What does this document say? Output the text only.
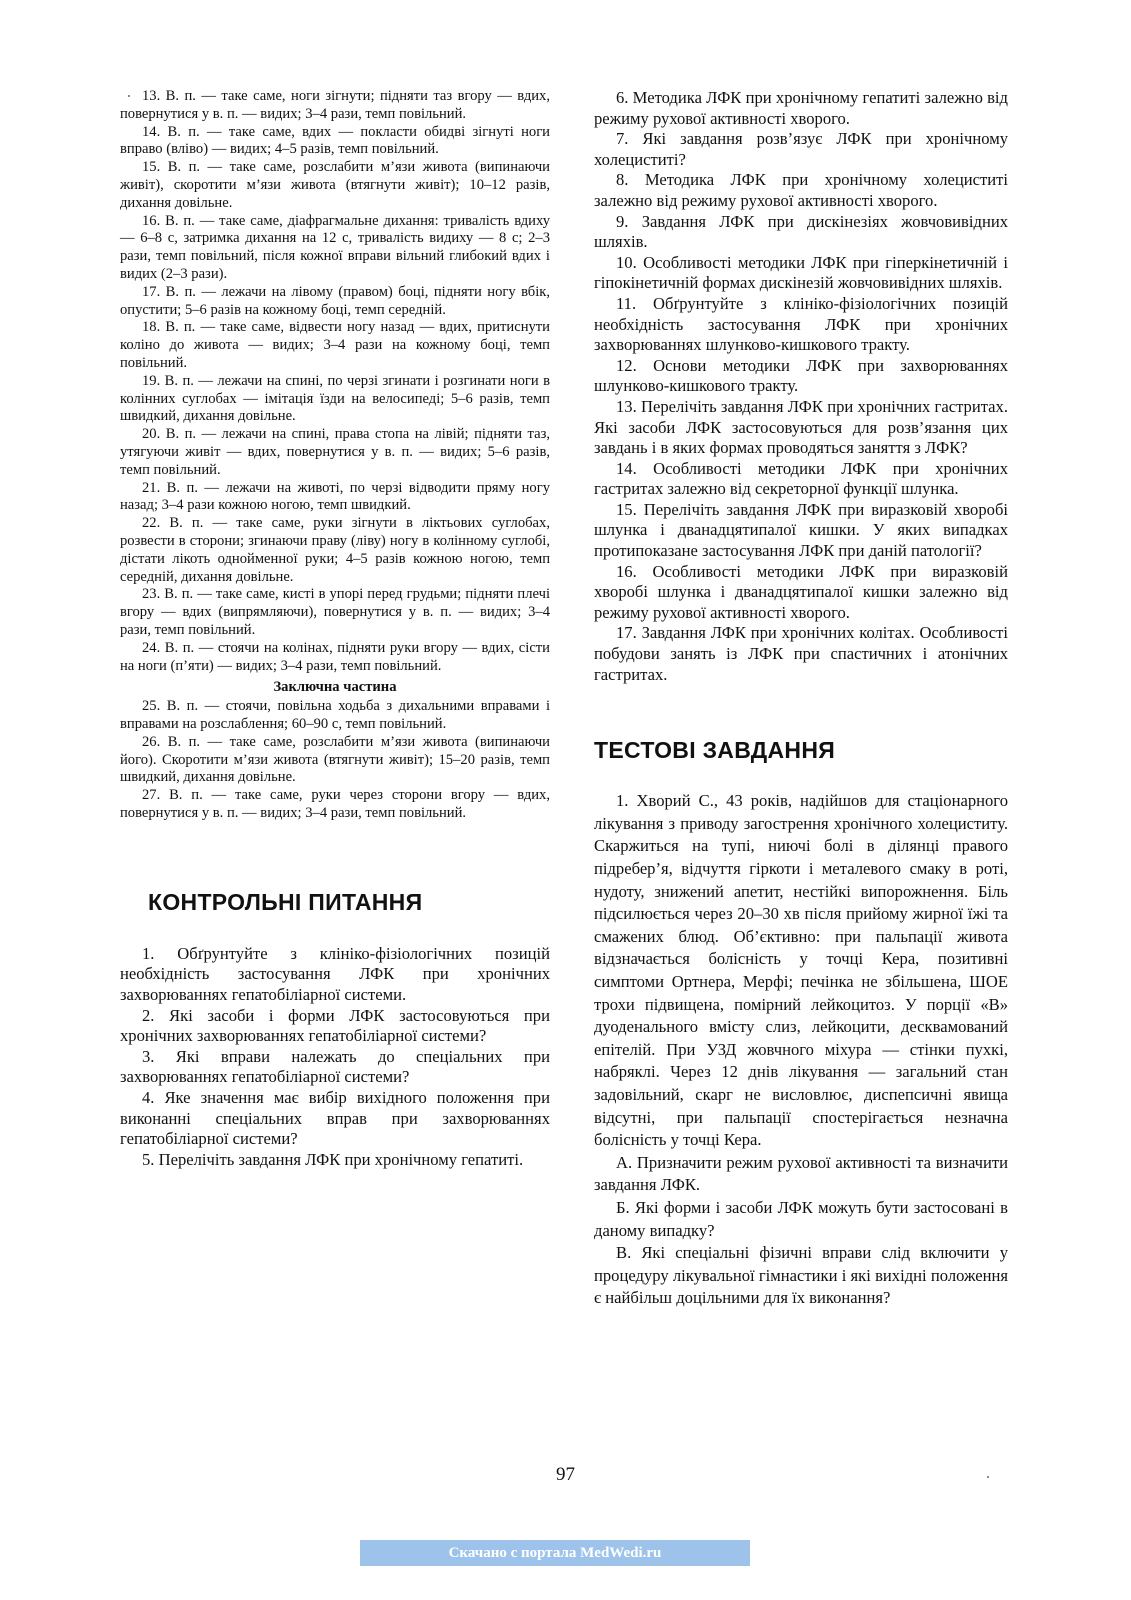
13. В. п. — таке саме, ноги зігнути; підняти таз вгору — вдих, повернутися у в. п. — видих; 3–4 рази, темп повільний.

14. В. п. — таке саме, вдих — покласти обидві зігнуті ноги вправо (вліво) — видих; 4–5 разів, темп повільний.

15. В. п. — таке саме, розслабити м’язи живота (випинаючи живіт), скоротити м’язи живота (втягнути живіт); 10–12 разів, дихання довільне.

16. В. п. — таке саме, діафрагмальне дихання: тривалість вдиху — 6–8 с, затримка дихання на 12 с, тривалість видиху — 8 с; 2–3 рази, темп повільний, після кожної вправи вільний глибокий вдих і видих (2–3 рази).

17. В. п. — лежачи на лівому (правом) боці, підняти ногу вбік, опустити; 5–6 разів на кожному боці, темп середній.

18. В. п. — таке саме, відвести ногу назад — вдих, притиснути коліно до живота — видих; 3–4 рази на кожному боці, темп повільний.

19. В. п. — лежачи на спині, по черзі згинати і розгинати ноги в колінних суглобах — імітація їзди на велосипеді; 5–6 разів, темп швидкий, дихання довільне.

20. В. п. — лежачи на спині, права стопа на лівій; підняти таз, утягуючи живіт — вдих, повернутися у в. п. — видих; 5–6 разів, темп повільний.

21. В. п. — лежачи на животі, по черзі відводити пряму ногу назад; 3–4 рази кожною ногою, темп швидкий.

22. В. п. — таке саме, руки зігнути в ліктьових суглобах, розвести в сторони; згинаючи праву (ліву) ногу в колінному суглобі, дістати лікоть однойменної руки; 4–5 разів кожною ногою, темп середній, дихання довільне.

23. В. п. — таке саме, кисті в упорі перед грудьми; підняти плечі вгору — вдих (випрямляючи), повернутися у в. п. — видих; 3–4 рази, темп повільний.

24. В. п. — стоячи на колінах, підняти руки вгору — вдих, сісти на ноги (п’яти) — видих; 3–4 рази, темп повільний.

Заключна частина

25. В. п. — стоячи, повільна ходьба з дихальними вправами і вправами на розслаблення; 60–90 с, темп повільний.

26. В. п. — таке саме, розслабити м’язи живота (випинаючи його). Скоротити м’язи живота (втягнути живіт); 15–20 разів, темп швидкий, дихання довільне.

27. В. п. — таке саме, руки через сторони вгору — вдих, повернутися у в. п. — видих; 3–4 рази, темп повільний.

КОНТРОЛЬНІ ПИТАННЯ

1. Обґрунтуйте з клініко-фізіологічних позицій необхідність застосування ЛФК при хронічних захворюваннях гепатобіліарної системи.

2. Які засоби і форми ЛФК застосовуються при хронічних захворюваннях гепатобіліарної системи?

3. Які вправи належать до спеціальних при захворюваннях гепатобіліарної системи?

4. Яке значення має вибір вихідного положення при виконанні спеціальних вправ при захворюваннях гепатобіліарної системи?

5. Перелічіть завдання ЛФК при хронічному гепатиті.

6. Методика ЛФК при хронічному гепатиті залежно від режиму рухової активності хворого.

7. Які завдання розв’язує ЛФК при хронічному холециститі?

8. Методика ЛФК при хронічному холециститі залежно від режиму рухової активності хворого.

9. Завдання ЛФК при дискінезіях жовчовивідних шляхів.

10. Особливості методики ЛФК при гіперкінетичній і гіпокінетичній формах дискінезій жовчовивідних шляхів.

11. Обґрунтуйте з клініко-фізіологічних позицій необхідність застосування ЛФК при хронічних захворюваннях шлунково-кишкового тракту.

12. Основи методики ЛФК при захворюваннях шлунково-кишкового тракту.

13. Перелічіть завдання ЛФК при хронічних гастритах. Які засоби ЛФК застосовуються для розв’язання цих завдань і в яких формах проводяться заняття з ЛФК?

14. Особливості методики ЛФК при хронічних гастритах залежно від секреторної функції шлунка.

15. Перелічіть завдання ЛФК при виразковій хворобі шлунка і дванадцятипалої кишки. У яких випадках протипоказане застосування ЛФК при даній патології?

16. Особливості методики ЛФК при виразковій хворобі шлунка і дванадцятипалої кишки залежно від режиму рухової активності хворого.

17. Завдання ЛФК при хронічних колітах. Особливості побудови занять із ЛФК при спастичних і атонічних гастритах.

ТЕСТОВІ ЗАВДАННЯ

1. Хворий С., 43 років, надійшов для стаціонарного лікування з приводу загострення хронічного холециститу. Скаржиться на тупі, ниючі болі в ділянці правого підребер’я, відчуття гіркоти і металевого смаку в роті, нудоту, знижений апетит, нестійкі випорожнення. Біль підсилюється через 20–30 хв після прийому жирної їжі та смажених блюд. Об’єктивно: при пальпації живота відзначається болісність у точці Кера, позитивні симптоми Ортнера, Мерфі; печінка не збільшена, ШОЕ трохи підвищена, помірний лейкоцитоз. У порції «В» дуоденального вмісту слиз, лейкоцити, десквамований епітелій. При УЗД жовчного міхура — стінки пухкі, набряклі. Через 12 днів лікування — загальний стан задовільний, скарг не висловлює, диспепсичні явища відсутні, при пальпації спостерігається незначна болісність у точці Кера.

А. Призначити режим рухової активності та визначити завдання ЛФК.

Б. Які форми і засоби ЛФК можуть бути застосовані в даному випадку?

В. Які спеціальні фізичні вправи слід включити у процедуру лікувальної гімнастики і які вихідні положення є найбільш доцільними для їх виконання?

97
Скачано с портала MedWedi.ru
